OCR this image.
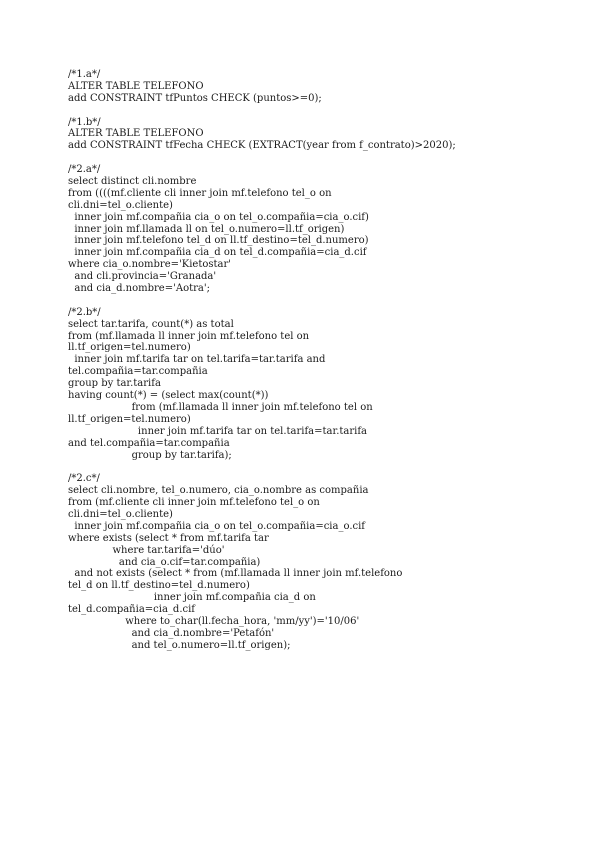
/*1.a*/
ALTER TABLE TELEFONO
add CONSTRAINT tfPuntos CHECK (puntos>=0);
/*1.b*/
ALTER TABLE TELEFONO
add CONSTRAINT tfFecha CHECK (EXTRACT(year from f_contrato)>2020);
/*2.a*/
select distinct cli.nombre
from ((((mf.cliente cli inner join mf.telefono tel_o on
cli.dni=tel_o.cliente)
inner join mf.compañia cia_o on tel_o.compañia=cia_o.cif)
inner join mf.llamada ll on tel_o.numero=ll.tf_origen)
inner join mf.telefono tel_d on ll.tf_destino=tel_d.numero)
inner join mf.compañia cia_d on tel_d.compañia=cia_d.cif
where cia_o.nombre='Kietostar'
and cli.provincia='Granada'
and cia_d.nombre='Aotra';
/*2.b*/
select tar.tarifa, count(*) as total
from (mf.llamada ll inner join mf.telefono tel on
ll.tf_origen=tel.numero)
inner join mf.tarifa tar on tel.tarifa=tar.tarifa and
tel.compañia=tar.compañia
group by tar.tarifa
having count(*) = (select max(count(*))
from (mf.llamada ll inner join mf.telefono tel on
ll.tf_origen=tel.numero)
inner join mf.tarifa tar on tel.tarifa=tar.tarifa
and tel.compañia=tar.compañia
group by tar.tarifa);
/*2.c*/
select cli.nombre, tel_o.numero, cia_o.nombre as compañia
from (mf.cliente cli inner join mf.telefono tel_o on
cli.dni=tel_o.cliente)
inner join mf.compañia cia_o on tel_o.compañia=cia_o.cif
where exists (select * from mf.tarifa tar
where tar.tarifa='dúo'
and cia_o.cif=tar.compañia)
and not exists (select * from (mf.llamada ll inner join mf.telefono
tel_d on ll.tf_destino=tel_d.numero)
inner join mf.compañia cia_d on
tel_d.compañia=cia_d.cif
where to_char(ll.fecha_hora, 'mm/yy')='10/06'
and cia_d.nombre='Petafón'
and tel_o.numero=ll.tf_origen);
